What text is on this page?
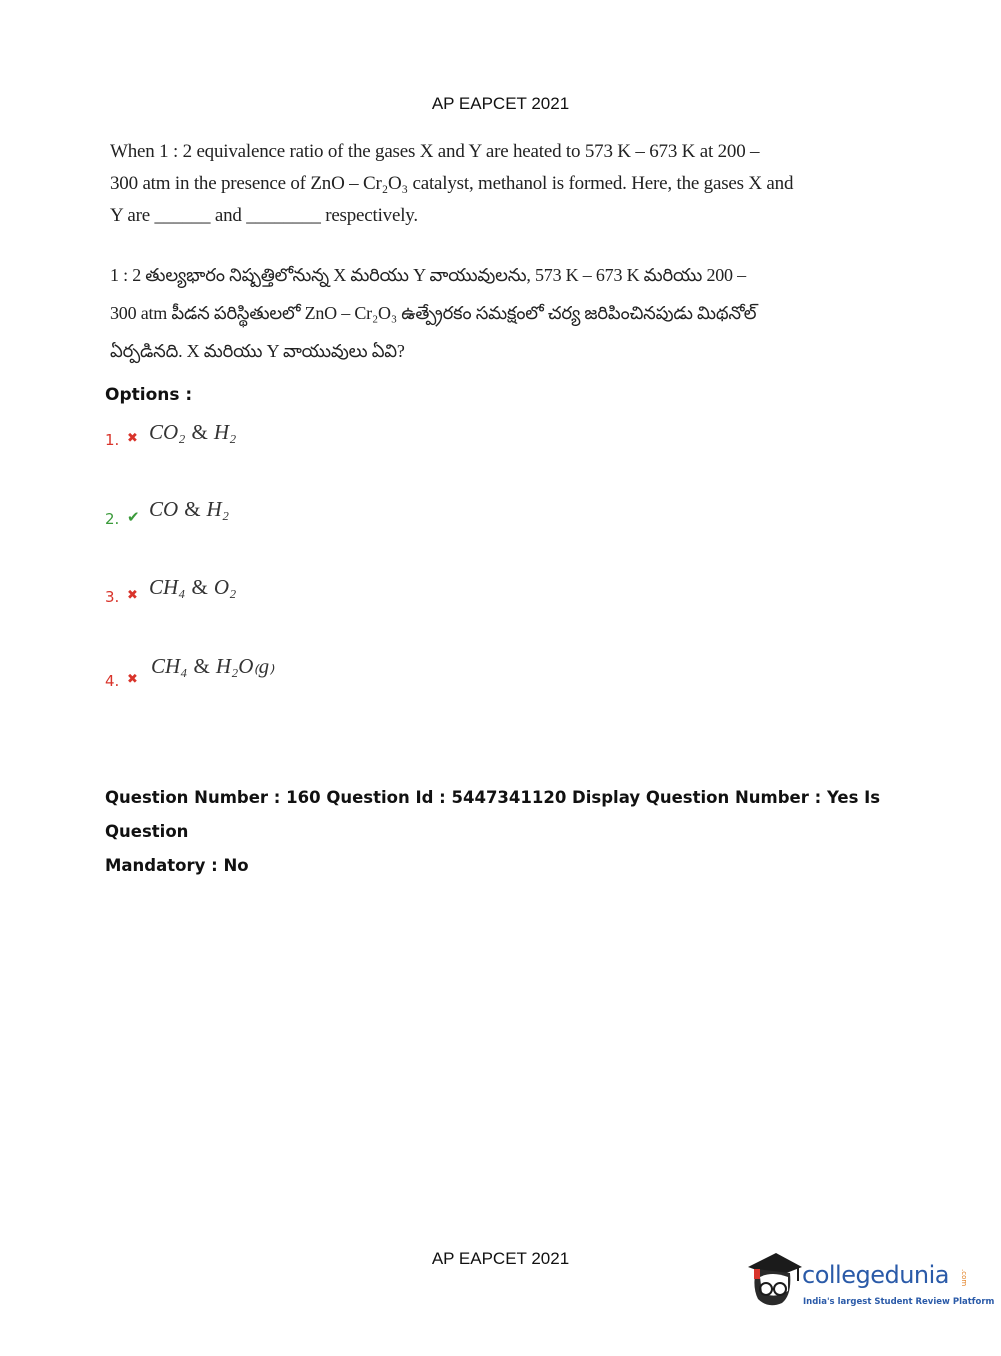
AP EAPCET 2021
When 1 : 2 equivalence ratio of the gases X and Y are heated to 573 K – 673 K at 200 –
300 atm in the presence of ZnO – Cr₂O₃ catalyst, methanol is formed. Here, the gases X and
Y are ______ and ________ respectively.
1 : 2 తుల్యభారం నిష్పత్తిలోనున్న X మరియు Y వాయువులను, 573 K – 673 K మరియు 200 –
300 atm పీడన పరిస్థితులలో ZnO – Cr₂O₃ ఉత్ప్రేరకం సమక్షంలో చర్య జరిపించినపుడు మిథనోల్
ఏర్పడినది. X మరియు Y వాయువులు ఏవి?
Options :
1. ✖ CO₂ & H₂
2. ✔ CO & H₂
3. ✖ CH₄ & O₂
4. ✖
CH₄ & H₂O₍g₎
Question Number : 160 Question Id : 5447341120 Display Question Number : Yes Is Question
Mandatory : No
AP EAPCET 2021
collegedunia .com
India's largest Student Review Platform
